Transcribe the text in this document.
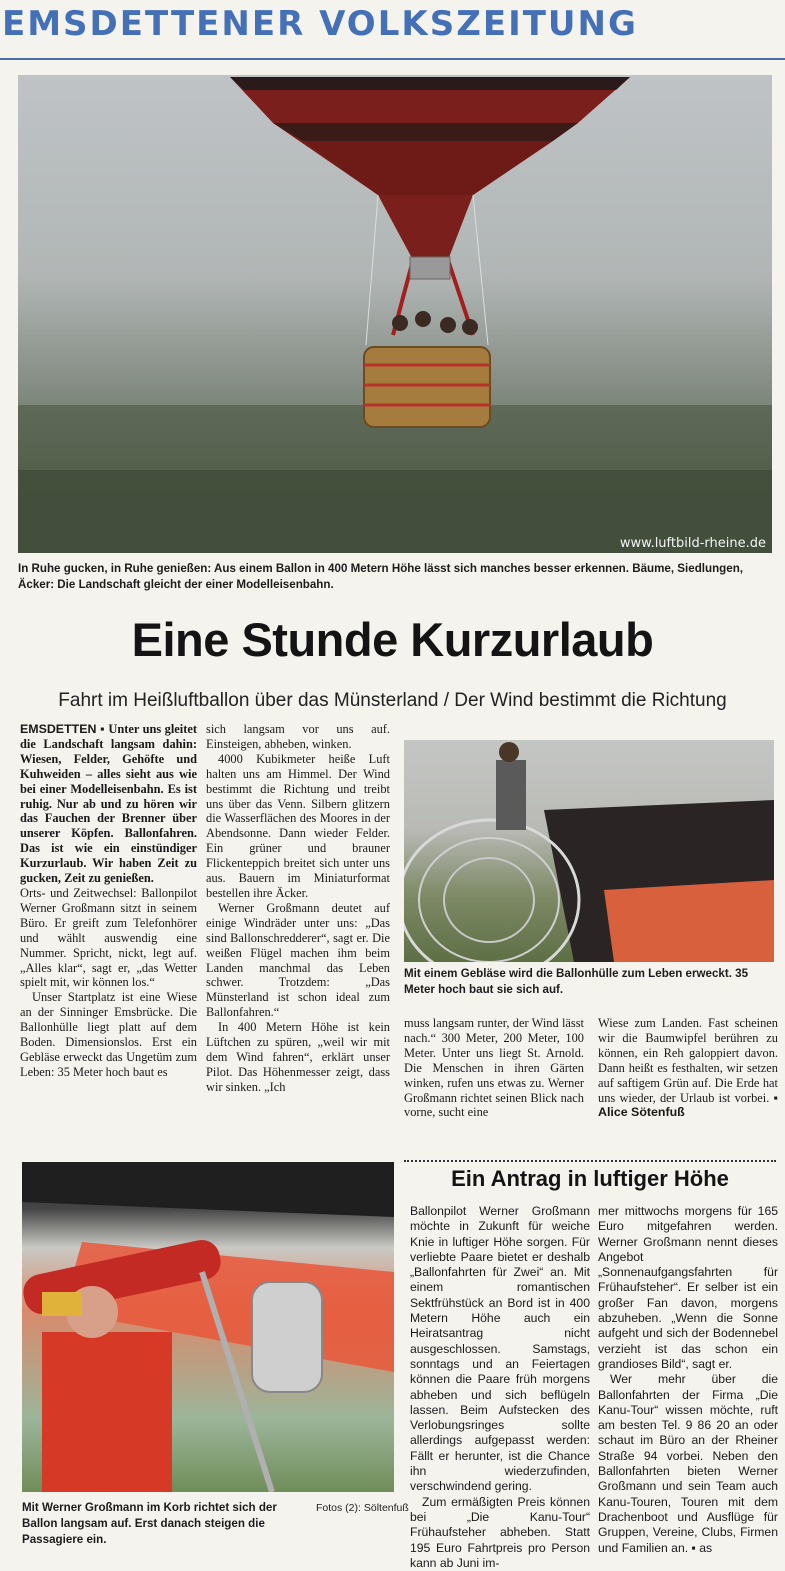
EMSDETTENER VOLKSZEITUNG
www.luftbild-rheine.de
In Ruhe gucken, in Ruhe genießen: Aus einem Ballon in 400 Metern Höhe lässt sich manches besser erkennen. Bäume, Siedlungen, Äcker: Die Landschaft gleicht der einer Modelleisenbahn.
Eine Stunde Kurzurlaub
Fahrt im Heißluftballon über das Münsterland / Der Wind bestimmt die Richtung

EMSDETTEN ▪ Unter uns gleitet die Landschaft langsam dahin: Wiesen, Felder, Gehöfte und Kuhweiden – alles sieht aus wie bei einer Modelleisenbahn. Es ist ruhig. Nur ab und zu hören wir das Fauchen der Brenner über unserer Köpfen. Ballonfahren. Das ist wie ein einstündiger Kurzurlaub. Wir haben Zeit zu gucken, Zeit zu genießen.

Orts- und Zeitwechsel: Ballonpilot Werner Großmann sitzt in seinem Büro. Er greift zum Telefonhörer und wählt auswendig eine Nummer. Spricht, nickt, legt auf. „Alles klar“, sagt er, „das Wetter spielt mit, wir können los.“

Unser Startplatz ist eine Wiese an der Sinninger Emsbrücke. Die Ballonhülle liegt platt auf dem Boden. Dimensionslos. Erst ein Gebläse erweckt das Ungetüm zum Leben: 35 Meter hoch baut es

sich langsam vor uns auf. Einsteigen, abheben, winken.

4000 Kubikmeter heiße Luft halten uns am Himmel. Der Wind bestimmt die Richtung und treibt uns über das Venn. Silbern glitzern die Wasserflächen des Moores in der Abendsonne. Dann wieder Felder. Ein grüner und brauner Flickenteppich breitet sich unter uns aus. Bauern im Miniaturformat bestellen ihre Äcker.

Werner Großmann deutet auf einige Windräder unter uns: „Das sind Ballonschredderer“, sagt er. Die weißen Flügel machen ihm beim Landen manchmal das Leben schwer. Trotzdem: „Das Münsterland ist schon ideal zum Ballonfahren.“

In 400 Metern Höhe ist kein Lüftchen zu spüren, „weil wir mit dem Wind fahren“, erklärt unser Pilot. Das Höhenmesser zeigt, dass wir sinken. „Ich

Mit einem Gebläse wird die Ballonhülle zum Leben erweckt. 35 Meter hoch baut sie sich auf.

muss langsam runter, der Wind lässt nach.“ 300 Meter, 200 Meter, 100 Meter. Unter uns liegt St. Arnold. Die Menschen in ihren Gärten winken, rufen uns etwas zu. Werner Großmann richtet seinen Blick nach vorne, sucht eine

Wiese zum Landen. Fast scheinen wir die Baumwipfel berühren zu können, ein Reh galoppiert davon. Dann heißt es festhalten, wir setzen auf saftigem Grün auf. Die Erde hat uns wieder, der Urlaub ist vorbei. ▪ Alice Sötenfuß

Ein Antrag in luftiger Höhe
Mit Werner Großmann im Korb richtet sich der Ballon langsam auf. Erst danach steigen die Passagiere ein.
Fotos (2): Söltenfuß

Ballonpilot Werner Großmann möchte in Zukunft für weiche Knie in luftiger Höhe sorgen. Für verliebte Paare bietet er deshalb „Ballonfahrten für Zwei“ an. Mit einem romantischen Sektfrühstück an Bord ist in 400 Metern Höhe auch ein Heiratsantrag nicht ausgeschlossen. Samstags, sonntags und an Feiertagen können die Paare früh morgens abheben und sich beflügeln lassen. Beim Aufstecken des Verlobungsringes sollte allerdings aufgepasst werden: Fällt er herunter, ist die Chance ihn wiederzufinden, verschwindend gering.

Zum ermäßigten Preis können bei „Die Kanu-Tour“ Frühaufsteher abheben. Statt 195 Euro Fahrtpreis pro Person kann ab Juni im-

mer mittwochs morgens für 165 Euro mitgefahren werden. Werner Großmann nennt dieses Angebot „Sonnenaufgangsfahrten für Frühaufsteher“. Er selber ist ein großer Fan davon, morgens abzuheben. „Wenn die Sonne aufgeht und sich der Bodennebel verzieht ist das schon ein grandioses Bild“, sagt er.

Wer mehr über die Ballonfahrten der Firma „Die Kanu-Tour“ wissen möchte, ruft am besten Tel. 9 86 20 an oder schaut im Büro an der Rheiner Straße 94 vorbei. Neben den Ballonfahrten bieten Werner Großmann und sein Team auch Kanu-Touren, Touren mit dem Drachenboot und Ausflüge für Gruppen, Vereine, Clubs, Firmen und Familien an. ▪ as
